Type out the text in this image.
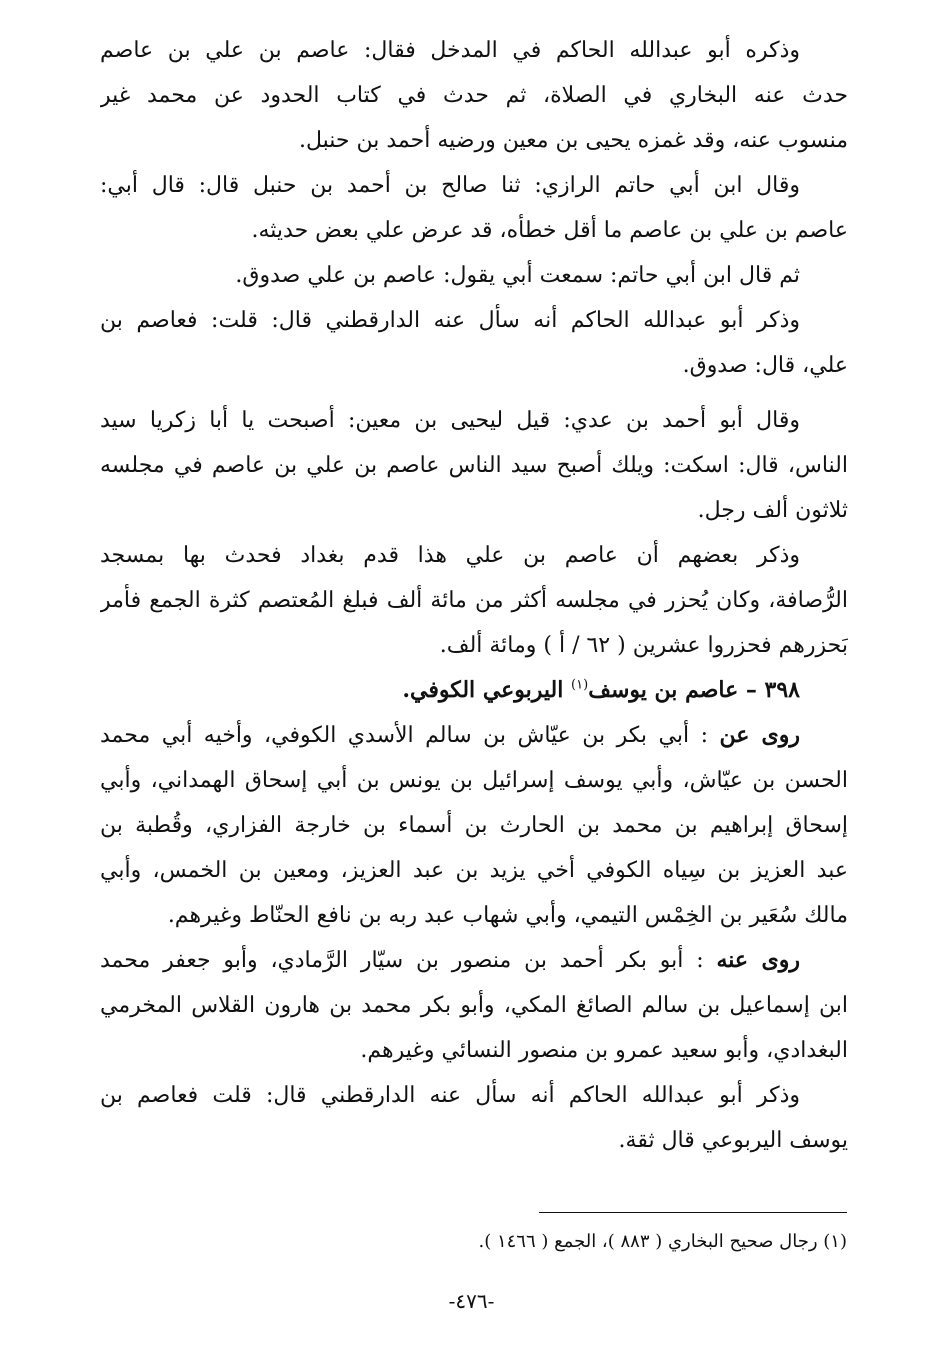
وذكره أبو عبدالله الحاكم في المدخل فقال: عاصم بن علي بن عاصم
حدث عنه البخاري في الصلاة، ثم حدث في كتاب الحدود عن محمد غير
منسوب عنه، وقد غمزه يحيى بن معين ورضيه أحمد بن حنبل.
وقال ابن أبي حاتم الرازي: ثنا صالح بن أحمد بن حنبل قال: قال أبي:
عاصم بن علي بن عاصم ما أقل خطأه، قد عرض علي بعض حديثه.
ثم قال ابن أبي حاتم: سمعت أبي يقول: عاصم بن علي صدوق.
وذكر أبو عبدالله الحاكم أنه سأل عنه الدارقطني قال: قلت: فعاصم بن
علي، قال: صدوق.
وقال أبو أحمد بن عدي: قيل ليحيى بن معين: أصبحت يا أبا زكريا سيد
الناس، قال: اسكت: ويلك أصبح سيد الناس عاصم بن علي بن عاصم في مجلسه
ثلاثون ألف رجل.
وذكر بعضهم أن عاصم بن علي هذا قدم بغداد فحدث بها بمسجد
الرُّصافة، وكان يُحزر في مجلسه أكثر من مائة ألف فبلغ المُعتصم كثرة الجمع فأمر
بَحزرهم فحزروا عشرين ( ٦٢ / أ ) ومائة ألف.
٣٩٨ – عاصم بن يوسف$^{(١)}$ اليربوعي الكوفي.
روى عن : أبي بكر بن عيّاش بن سالم الأسدي الكوفي، وأخيه أبي محمد
الحسن بن عيّاش، وأبي يوسف إسرائيل بن يونس بن أبي إسحاق الهمداني، وأبي
إسحاق إبراهيم بن محمد بن الحارث بن أسماء بن خارجة الفزاري، وقُطبة بن
عبد العزيز بن سِياه الكوفي أخي يزيد بن عبد العزيز، ومعين بن الخمس، وأبي
مالك سُعَير بن الخِمْس التيمي، وأبي شهاب عبد ربه بن نافع الحنّاط وغيرهم.
روى عنه : أبو بكر أحمد بن منصور بن سيّار الرَّمادي، وأبو جعفر محمد
ابن إسماعيل بن سالم الصائغ المكي، وأبو بكر محمد بن هارون القلاس المخرمي
البغدادي، وأبو سعيد عمرو بن منصور النسائي وغيرهم.
وذكر أبو عبدالله الحاكم أنه سأل عنه الدارقطني قال: قلت فعاصم بن
يوسف اليربوعي قال ثقة.
(١) رجال صحيح البخاري ( ٨٨٣ )، الجمع ( ١٤٦٦ ).
-٤٧٦-
